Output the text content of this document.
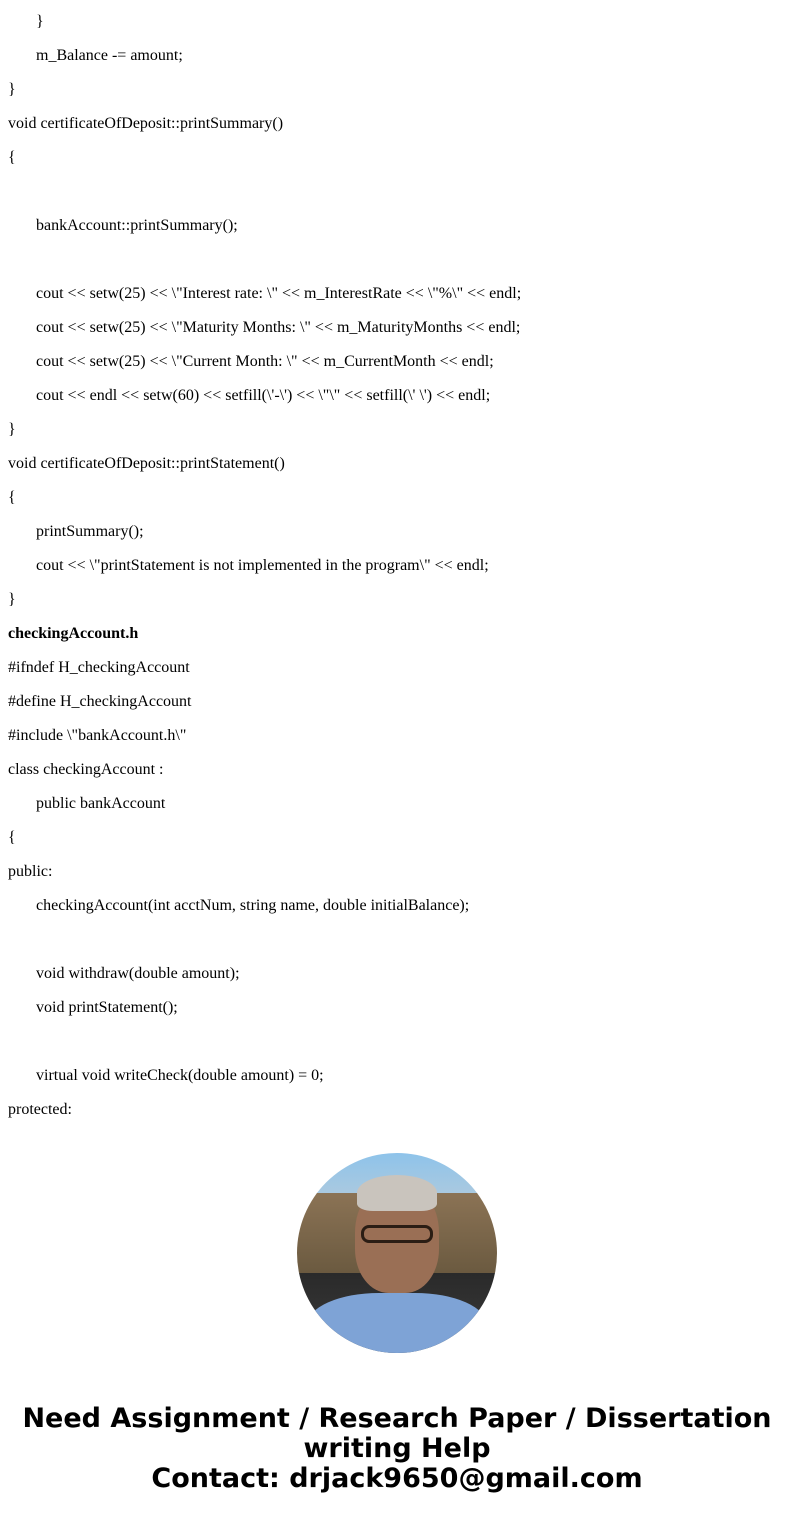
}
m_Balance -= amount;
}
void certificateOfDeposit::printSummary()
{
bankAccount::printSummary();
cout << setw(25) << \"Interest rate: \" << m_InterestRate << \"%\" << endl;
cout << setw(25) << \"Maturity Months: \" << m_MaturityMonths << endl;
cout << setw(25) << \"Current Month: \" << m_CurrentMonth << endl;
cout << endl << setw(60) << setfill(\'-\') << \"\" << setfill(\' \') << endl;
}
void certificateOfDeposit::printStatement()
{
printSummary();
cout << \"printStatement is not implemented in the program\" << endl;
}
checkingAccount.h
#ifndef H_checkingAccount
#define H_checkingAccount
#include \"bankAccount.h\"
class checkingAccount :
public bankAccount
{
public:
checkingAccount(int acctNum, string name, double initialBalance);
void withdraw(double amount);
void printStatement();
virtual void writeCheck(double amount) = 0;
protected:
Need Assignment / Research Paper / Dissertation
writing Help
Contact: drjack9650@gmail.com
